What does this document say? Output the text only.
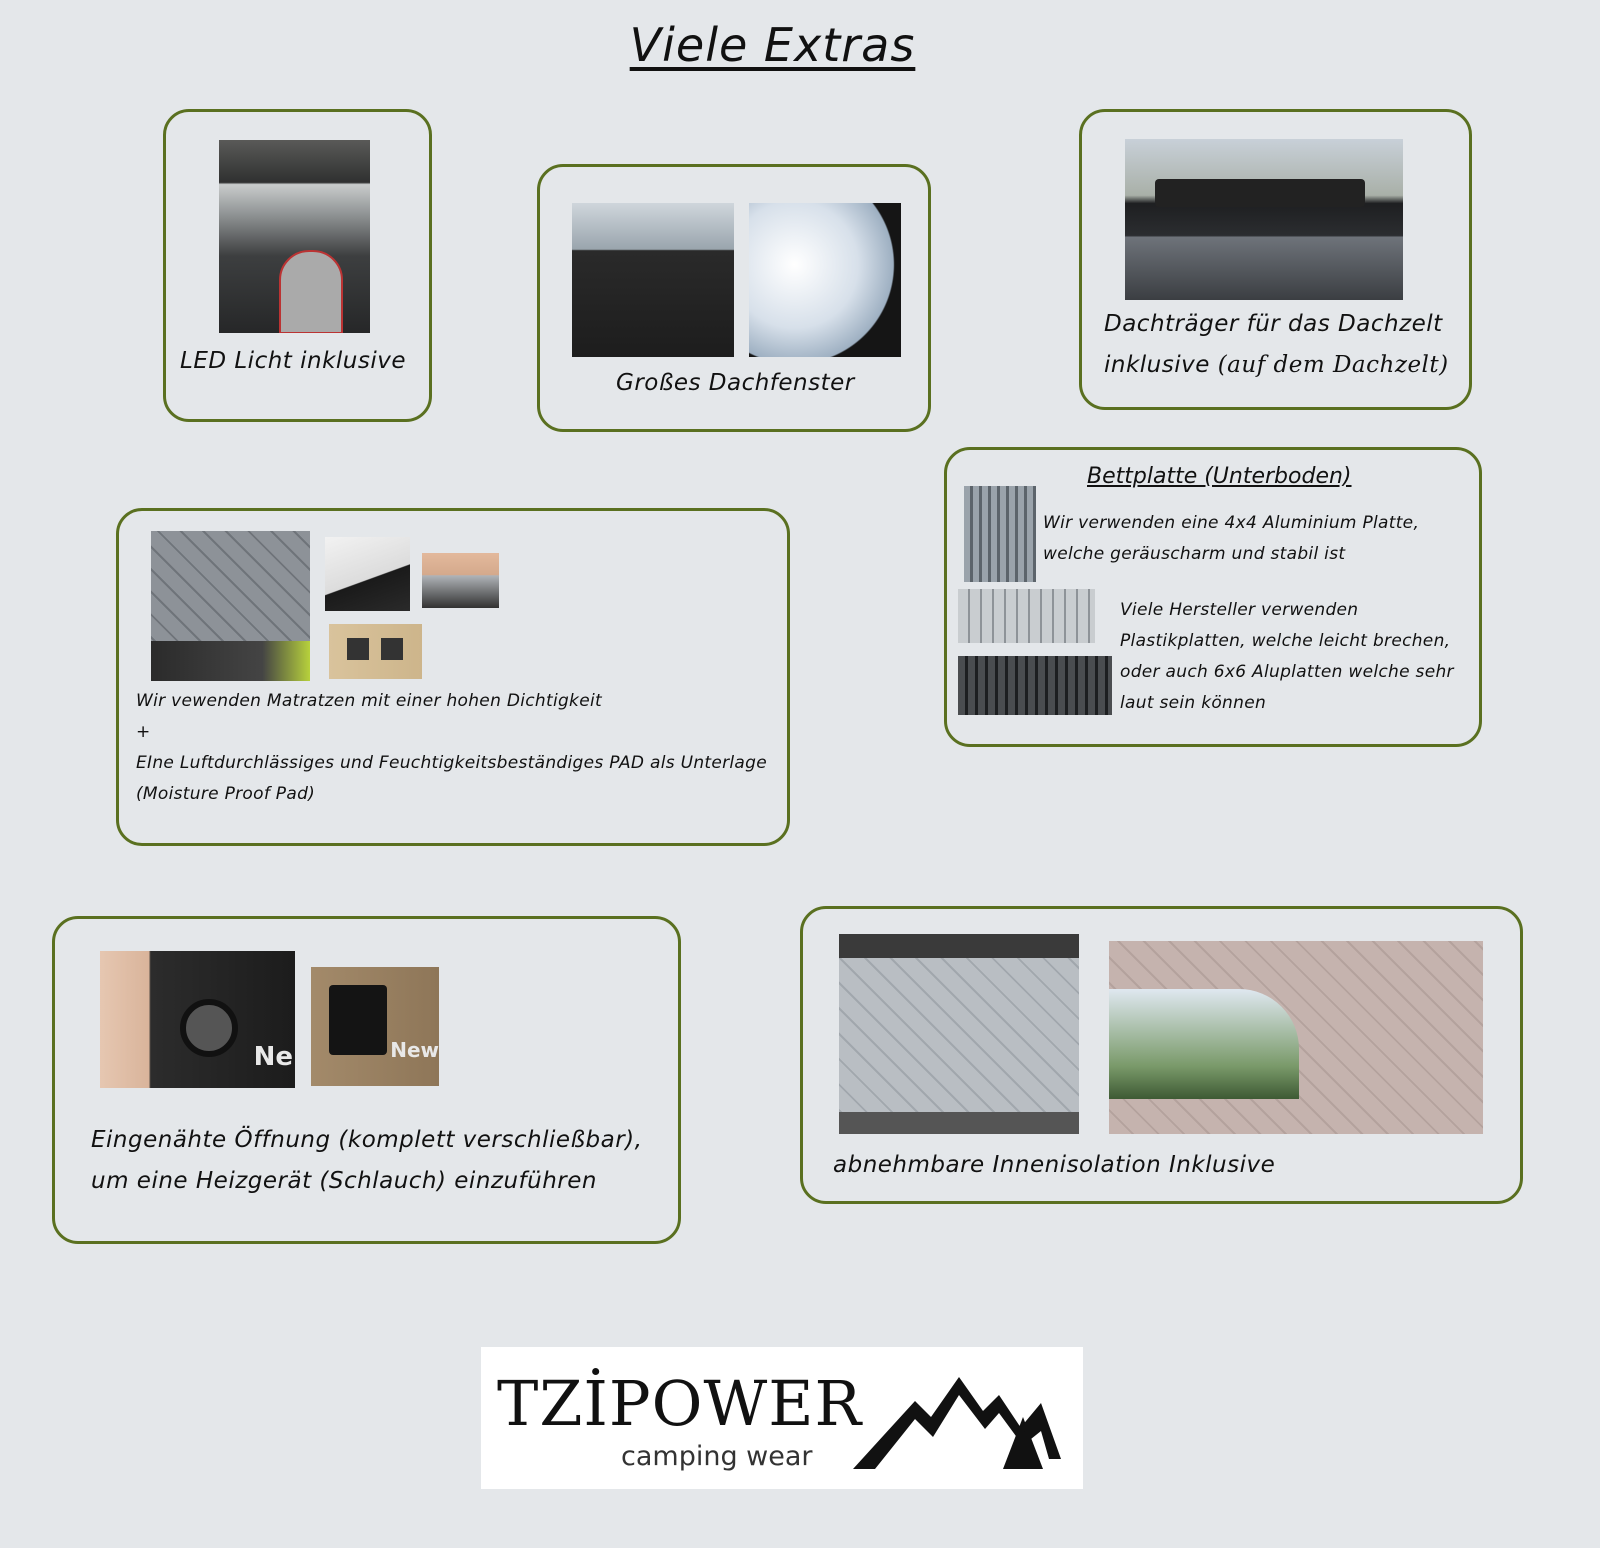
Viele Extras
LED Licht inklusive
Großes Dachfenster
Dachträger für das Dachzelt
inklusive (auf dem Dachzelt)
Bettplatte (Unterboden)
Wir verwenden eine 4x4 Aluminium Platte,
welche geräuscharm und stabil ist
Viele Hersteller verwenden
Plastikplatten, welche leicht brechen,
oder auch 6x6 Aluplatten welche sehr
laut sein können
Wir vewenden Matratzen mit einer hohen Dichtigkeit
+
EIne Luftdurchlässiges und Feuchtigkeitsbeständiges PAD als Unterlage
(Moisture Proof Pad)
Ne	New
Eingenähte Öffnung (komplett verschließbar),
um eine Heizgerät (Schlauch) einzuführen
abnehmbare Innenisolation Inklusive
TZİPOWER
camping wear
